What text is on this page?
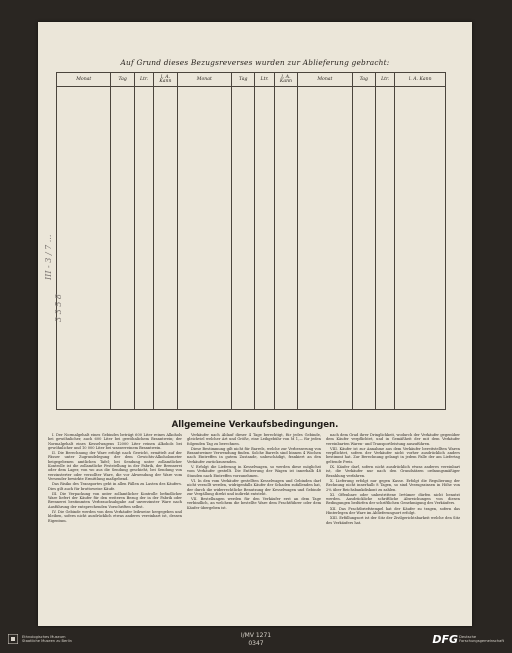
Auf Grund dieses Bezugsreverses wurden zur Ablieferung gebracht:
Monat	Tag	Ltr.	l. A. Kann	Monat	Tag	Ltr.	l. A. Kann	Monat	Tag	Ltr.	l. A. Kann

III - 3 / 7 ...
3 3 5 8
Allgemeine Verkaufsbedingungen.

I. Der Normalgehalt eines Gebindes beträgt 600 Liter reines Alkohols bei gewöhnlicher, auch 600 Liter bei gewöhnlichem Branntwein; der Normalgehalt eines Kesselwagens 12000 Liter reinen Alkohols bei gewöhnlicher und 10 000 Liter bei wasserreinem Branntwein.

II. Die Berechnung der Ware erfolgt nach Gewicht, ermittelt auf der Fässer unter Zugrundelegung der dem Gewichts-Alkoholometer beigegebenen amtlichen Tafel; bei Sendung unter zollamtlicher Kontrolle ist die zollamtliche Feststellung in der Fabrik, der Brennerei oder dem Lager, von wo aus die Sendung geschieht, bei Sendung von verzinsterter oder verzollter Ware, die vor Abwendung der Ware vom Versender bewirkte Ermittlung maßgebend.

Das Risiko des Transportes geht in allen Fällen zu Lasten des Käufers. Dies gilt auch für bruttoweise Käufe.

III. Die Verpackung von unter zollamtlicher Kontrolle befindlicher Ware liefert der Käufer für den weiteren Bezug der in der Fabrik oder Brennerei bestimmten Verbrauchsabgabe auf unverzinster Ware nach Ausführung der entsprechenden Vorschriften selbst.

IV. Die Gebinde werden von dem Verkäufer leihweise hergegeben und bleiben, sofern nicht ausdrücklich etwas anderes vereinbart ist, dessen Eigentum.

Verkäufer nach Ablauf dieser 4 Tage berechtigt, für jedes Gebinde, gleichviel welcher Art und Größe, eine Leihgebühr von M 1,— für jeden folgenden Tag zu berechnen.

Diese Bestimmung gilt nicht für Barrels, welche zur Verbesserung von Branntweiner Verwendung finden. Solche Barrels sind binnen 4 Wochen nach Eintreffen in gutem Zustande, unbeschädigt, frankiert an den Verkäufer zurückzusenden.

V. Erfolgt die Lieferung in Kesselwagen, so werden diese möglichst vom Verkäufer gestellt. Die Entleerung der Wagen ist innerhalb 48 Stunden nach Eintreffen vorzunehmen.

VI. In den vom Verkäufer gestellten Kesselwagen und Gebinden darf nicht verzollt werden, widrigenfalls Käufer der Schaden zufallenden hat, der durch die widerrechtliche Benutzung der Kesselwagen und Gebinde zur Vergällung direkt und indirekt entsteht.

VII. Bestellungen werden für den Verkäufer erst an dem Tage verbindlich, an welchem die bestellte Ware dem Frachtführer oder dem Käufer übergeben ist.

nach dem Grad ihrer Dringlichkeit, wodurch der Verkäufer gegenüber dem Käufer verpflichtet, und in Gemäßheit der mit dem Verkäufer vereinbarten Waren- und Transportleistung auszuführen.

VIII. Käufer ist zur Annahme aus dem Verkäufer bereitstellten Waren verpflichtet, sofern der Verkäufer nicht vorher ausdrücklich anders bestimmt hat. Zur Berechnung gelangt in jedem Falle der am Liefertag geltende Preis.

IX. Käufer darf, sofern nicht ausdrücklich etwas anderes vereinbart ist, die Verkäufer nur nach den Grundsätzen ordnungsmäßiger Bezahlung verfahren.

X. Lieferung erfolgt nur gegen Kasse. Erfolgt die Regulierung der Rechnung nicht innerhalb 8 Tagen, so sind Verzugszinsen in Höhe von 2% über Reichsbankdiskont zu zahlen.

XI. Offenbare oder unbestrittene Irrtümer dürfen nicht benutzt werden. Ausdrückliche schriftliche Abweichungen von diesen Bedingungen bedürfen der schriftlichen Genehmigung des Verkäufers.

XII. Das Frachtbriefstempel hat der Käufer zu tragen, sofern das Hinterlegen der Ware im Ablieferungsort erfolgt.

XIII. Erfüllungsort ist der Sitz der Zivilgerichtsbarkeit welche den Sitz des Verkäufers hat.

Ethnologisches Museum
Staatliche Museen zu Berlin
I/MV 1271
0347	DFG Deutsche
Forschungsgemeinschaft
